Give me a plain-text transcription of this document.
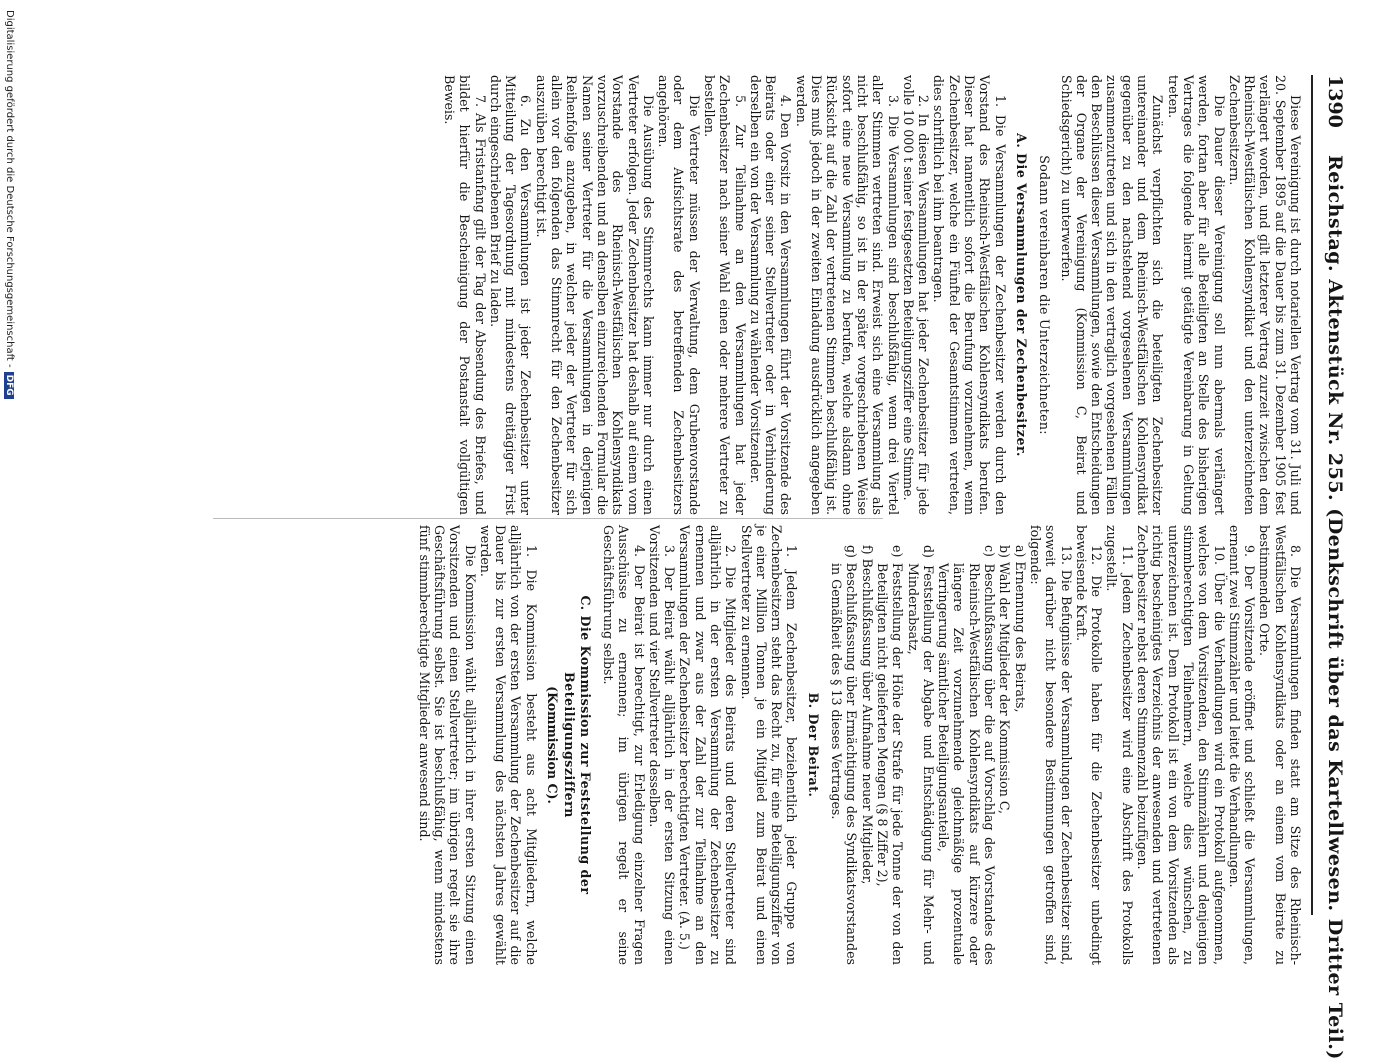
1390
Reichstag. Aktenstück Nr. 255. (Denkschrift über das Kartellwesen. Dritter Teil.)

Diese Vereinigung ist durch notariellen Vertrag vom 31. Juli und 20. September 1895 auf die Dauer bis zum 31. Dezember 1905 fest verlängert worden, und gilt letzterer Vertrag zurzeit zwischen dem Rheinisch-Westfälischen Kohlensyndikat und den unterzeichneten Zechenbesitzern.

Die Dauer dieser Vereinigung soll nun abermals verlängert werden, fortan aber für alle Beteiligten an Stelle des bisherigen Vertrages die folgende hiermit getätigte Vereinbarung in Geltung treten.

Zunächst verpflichten sich die beteiligten Zechenbesitzer untereinander und dem Rheinisch-Westfälischen Kohlensyndikat gegenüber zu den nachstehend vorgesehenen Versammlungen zusammenzutreten und sich in den vertraglich vorgesehenen Fällen den Beschlüssen dieser Versammlungen, sowie den Entscheidungen der Organe der Vereinigung (Kommission C, Beirat und Schiedsgericht) zu unterwerfen.

Sodann vereinbaren die Unterzeichneten:

A. Die Versammlungen der Zechenbesitzer.

1. Die Versammlungen der Zechenbesitzer werden durch den Vorstand des Rheinisch-Westfälischen Kohlensyndikats berufen. Dieser hat namentlich sofort die Berufung vorzunehmen, wenn Zechenbesitzer, welche ein Fünftel der Gesamtstimmen vertreten, dies schriftlich bei ihm beantragen.

2. In diesen Versammlungen hat jeder Zechenbesitzer für jede volle 10 000 t seiner festgesetzten Beteiligungsziffer eine Stimme.

3. Die Versammlungen sind beschlußfähig, wenn drei Viertel aller Stimmen vertreten sind. Erweist sich eine Versammlung als nicht beschlußfähig, so ist in der später vorgeschriebenen Weise sofort eine neue Versammlung zu berufen, welche alsdann ohne Rücksicht auf die Zahl der vertretenen Stimmen beschlußfähig ist. Dies muß jedoch in der zweiten Einladung ausdrücklich angegeben werden.

4. Den Vorsitz in den Versammlungen führt der Vorsitzende des Beirats oder einer seiner Stellvertreter oder in Verhinderung derselben ein von der Versammlung zu wählender Vorsitzender.

5. Zur Teilnahme an den Versammlungen hat jeder Zechenbesitzer nach seiner Wahl einen oder mehrere Vertreter zu bestellen.

Die Vertreter müssen der Verwaltung, dem Grubenvorstande oder dem Aufsichtsrate des betreffenden Zechenbesitzers angehören.

Die Ausübung des Stimmrechts kann immer nur durch einen Vertreter erfolgen. Jeder Zechenbesitzer hat deshalb auf einem vom Vorstande des Rheinisch-Westfälischen Kohlensyndikats vorzuschreibenden und an denselben einzureichenden Formular die Namen seiner Vertreter für die Versammlungen in derjenigen Reihenfolge anzugeben, in welcher jeder der Vertreter für sich allein vor den folgenden das Stimmrecht für den Zechenbesitzer auszuüben berechtigt ist.

6. Zu den Versammlungen ist jeder Zechenbesitzer unter Mitteilung der Tagesordnung mit mindestens dreitägiger Frist durch eingeschriebenen Brief zu laden.

7. Als Fristanfang gilt der Tag der Absendung des Briefes, und bildet hierfür die Bescheinigung der Postanstalt vollgültigen Beweis.

8. Die Versammlungen finden statt am Sitze des Rheinisch-Westfälischen Kohlensyndikats oder an einem vom Beirate zu bestimmenden Orte.

9. Der Vorsitzende eröffnet und schließt die Versammlungen, ernennt zwei Stimmzähler und leitet die Verhandlungen.

10. Über die Verhandlungen wird ein Protokoll aufgenommen, welches von dem Vorsitzenden, den Stimmzählern und denjenigen stimmberechtigten Teilnehmern, welche dies wünschen, zu unterzeichnen ist. Dem Protokoll ist ein von dem Vorsitzenden als richtig bescheinigtes Verzeichnis der anwesenden und vertretenen Zechenbesitzer nebst deren Stimmenzahl beizufügen.

11. Jedem Zechenbesitzer wird eine Abschrift des Protokolls zugestellt.

12. Die Protokolle haben für die Zechenbesitzer unbedingt beweisende Kraft.

13. Die Befugnisse der Versammlungen der Zechenbesitzer sind, soweit darüber nicht besondere Bestimmungen getroffen sind, folgende:

a) Ernennung des Beirats,
b) Wahl der Mitglieder der Kommission C,
c) Beschlußfassung über die auf Vorschlag des Vorstandes des Rheinisch-Westfälischen Kohlensyndikats auf kürzere oder längere Zeit vorzunehmende gleichmäßige prozentuale Verringerung sämtlicher Beteiligungsanteile,
d) Feststellung der Abgabe und Entschädigung für Mehr- und Minderabsatz,
e) Feststellung der Höhe der Strafe für jede Tonne der von den Beteiligten nicht gelieferten Mengen (§ 8 Ziffer 2),
f) Beschlußfassung über Aufnahme neuer Mitglieder,
g) Beschlußfassung über Ermächtigung des Syndikatsvorstandes in Gemäßheit des § 13 dieses Vertrages.

B. Der Beirat.

1. Jedem Zechenbesitzer, beziehentlich jeder Gruppe von Zechenbesitzern steht das Recht zu, für eine Beteiligungsziffer von je einer Million Tonnen je ein Mitglied zum Beirat und einen Stellvertreter zu ernennen.

2. Die Mitglieder des Beirats und deren Stellvertreter sind alljährlich in der ersten Versammlung der Zechenbesitzer zu ernennen und zwar aus der Zahl der zur Teilnahme an den Versammlungen der Zechenbesitzer berechtigten Vertreter. (A. 5.)

3. Der Beirat wählt alljährlich in der ersten Sitzung einen Vorsitzenden und vier Stellvertreter desselben.

4. Der Beirat ist berechtigt, zur Erledigung einzelner Fragen Ausschüsse zu ernennen; im übrigen regelt er seine Geschäftsführung selbst.

C. Die Kommission zur Feststellung der Beteiligungsziffern

(Kommission C).

1. Die Kommission besteht aus acht Mitgliedern, welche alljährlich von der ersten Versammlung der Zechenbesitzer auf die Dauer bis zur ersten Versammlung des nächsten Jahres gewählt werden.

Die Kommission wählt alljährlich in ihrer ersten Sitzung einen Vorsitzenden und einen Stellvertreter; im übrigen regelt sie ihre Geschäftsführung selbst. Sie ist beschlußfähig, wenn mindestens fünf stimmberechtigte Mitglieder anwesend sind.

Digitalisierung gefördert durch die Deutsche Forschungsgemeinschaft -DFG
